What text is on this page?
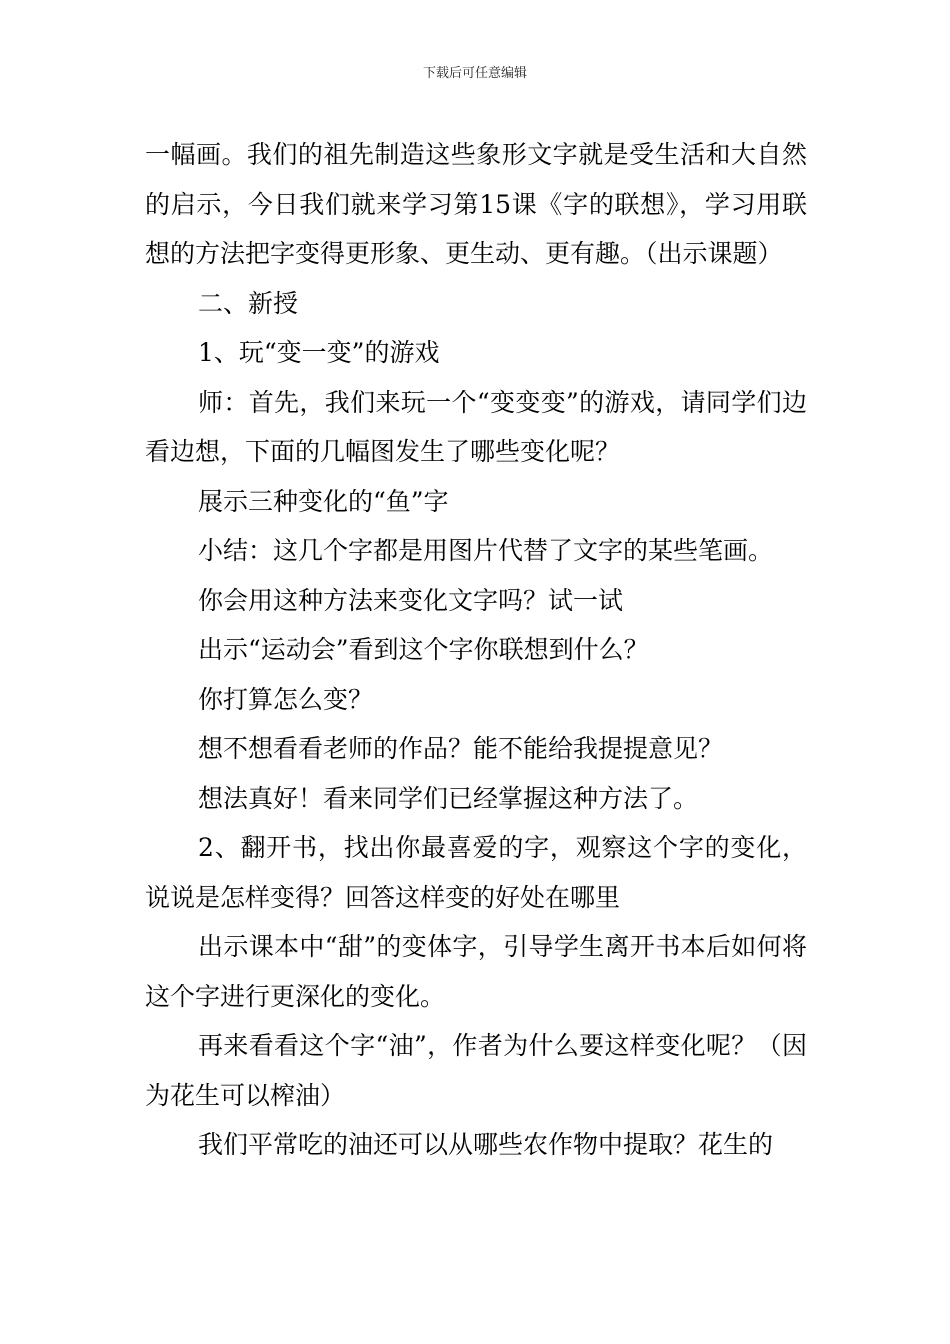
下载后可任意编辑

一幅画。我们的祖先制造这些象形文字就是受生活和大自然的启示，今日我们就来学习第15课《字的联想》，学习用联想的方法把字变得更形象、更生动、更有趣。（出示课题）

二、新授

1、玩“变一变”的游戏

师：首先，我们来玩一个“变变变”的游戏，请同学们边看边想，下面的几幅图发生了哪些变化呢？

展示三种变化的“鱼”字

小结：这几个字都是用图片代替了文字的某些笔画。

你会用这种方法来变化文字吗？试一试

出示“运动会”看到这个字你联想到什么？

你打算怎么变？

想不想看看老师的作品？能不能给我提提意见？

想法真好！看来同学们已经掌握这种方法了。

2、翻开书，找出你最喜爱的字，观察这个字的变化，说说是怎样变得？回答这样变的好处在哪里

出示课本中“甜”的变体字，引导学生离开书本后如何将这个字进行更深化的变化。

再来看看这个字“油”，作者为什么要这样变化呢？（因为花生可以榨油）

我们平常吃的油还可以从哪些农作物中提取？花生的
